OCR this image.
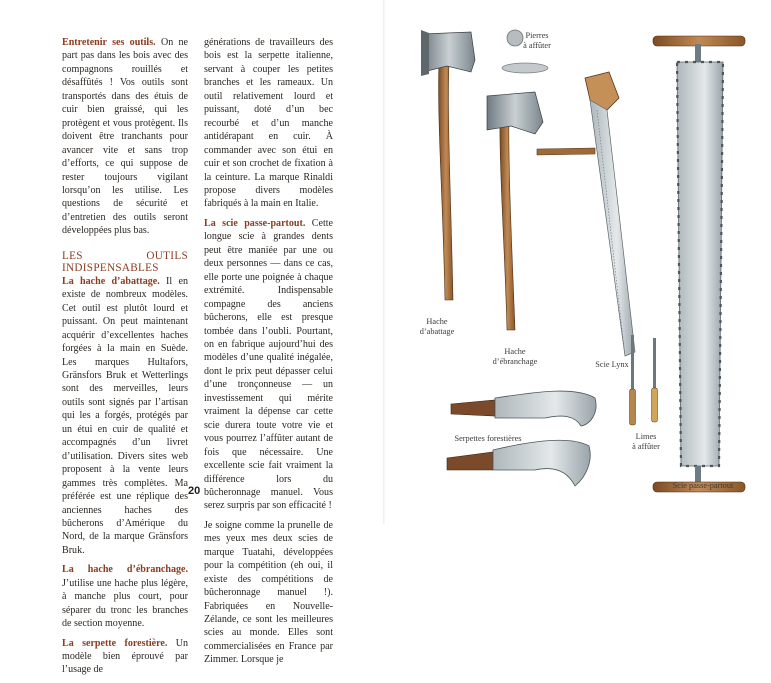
Entretenir ses outils. On ne part pas dans les bois avec des compagnons rouillés et désaffûtés ! Vos outils sont transportés dans des étuis de cuir bien graissé, qui les protègent et vous protègent. Ils doivent être tranchants pour avancer vite et sans trop d’efforts, ce qui suppose de rester toujours vigilant lorsqu’on les utilise. Les questions de sécurité et d’entretien des outils seront développées plus bas.

LES OUTILS INDISPENSABLES

La hache d’abattage. Il en existe de nombreux modèles. Cet outil est plutôt lourd et puissant. On peut maintenant acquérir d’excellentes haches forgées à la main en Suède. Les marques Hultafors, Gränsfors Bruk et Wetterlings sont des merveilles, leurs outils sont signés par l’artisan qui les a forgés, protégés par un étui en cuir de qualité et accompagnés d’un livret d’utilisation. Divers sites web proposent à la vente leurs gammes très complètes. Ma préférée est une réplique des anciennes haches des bûcherons d’Amérique du Nord, de la marque Gränsfors Bruk.

La hache d’ébranchage. J’utilise une hache plus légère, à manche plus court, pour séparer du tronc les branches de section moyenne.

La serpette forestière. Un modèle bien éprouvé par l’usage de

générations de travailleurs des bois est la serpette italienne, servant à couper les petites branches et les rameaux. Un outil relativement lourd et puissant, doté d’un bec recourbé et d’un manche antidérapant en cuir. À commander avec son étui en cuir et son crochet de fixation à la ceinture. La marque Rinaldi propose divers modèles fabriqués à la main en Italie.

La scie passe-partout. Cette longue scie à grandes dents peut être maniée par une ou deux personnes — dans ce cas, elle porte une poignée à chaque extrémité. Indispensable compagne des anciens bûcherons, elle est presque tombée dans l’oubli. Pourtant, on en fabrique aujourd’hui des modèles d’une qualité inégalée, dont le prix peut dépasser celui d’une tronçonneuse — un investissement qui mérite vraiment la dépense car cette scie durera toute votre vie et vous pourrez l’affûter autant de fois que nécessaire. Une excellente scie fait vraiment la différence lors du bûcheronnage manuel. Vous serez surpris par son efficacité !

Je soigne comme la prunelle de mes yeux mes deux scies de marque Tuatahi, développées pour la compétition (eh oui, il existe des compétitions de bûcheronnage manuel !). Fabriquées en Nouvelle-Zélande, ce sont les meilleures scies au monde. Elles sont commercialisées en France par Zimmer. Lorsque je

20
Pierres
à affûter
Hache
d’abattage
Hache
d’ébranchage	Scie Lynx
Serpettes forestières	Limes
à affûter
Scie passe-partout
